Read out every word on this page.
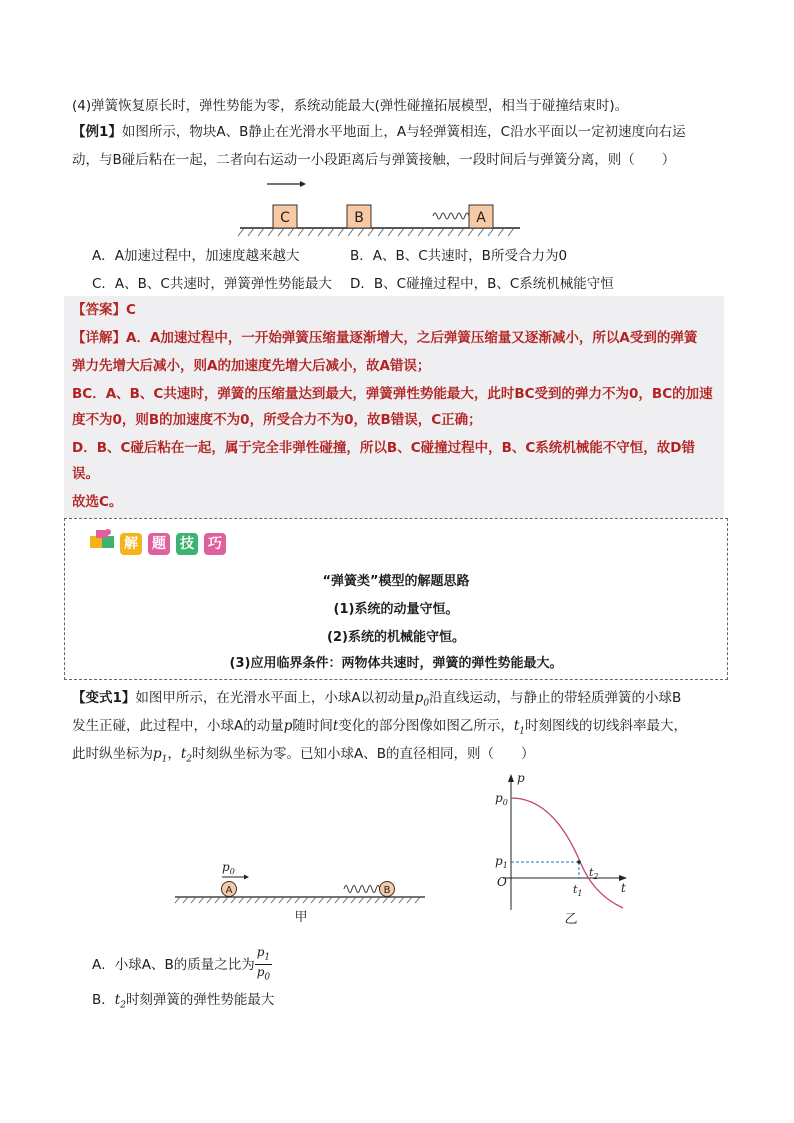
(4)弹簧恢复原长时，弹性势能为零，系统动能最大(弹性碰撞拓展模型，相当于碰撞结束时)。
【例1】如图所示，物块A、B静止在光滑水平地面上，A与轻弹簧相连，C沿水平面以一定初速度向右运
动，与B碰后粘在一起，二者向右运动一小段距离后与弹簧接触，一段时间后与弹簧分离，则（　　）
C	B	A
A．A加速过程中，加速度越来越大	B．A、B、C共速时，B所受合力为0
C．A、B、C共速时，弹簧弹性势能最大 D．B、C碰撞过程中，B、C系统机械能守恒
【答案】C
【详解】A．A加速过程中，一开始弹簧压缩量逐渐增大，之后弹簧压缩量又逐渐减小，所以A受到的弹簧
弹力先增大后减小，则A的加速度先增大后减小，故A错误；
BC．A、B、C共速时，弹簧的压缩量达到最大，弹簧弹性势能最大，此时BC受到的弹力不为0，BC的加速
度不为0，则B的加速度不为0，所受合力不为0，故B错误，C正确；
D．B、C碰后粘在一起，属于完全非弹性碰撞，所以B、C碰撞过程中，B、C系统机械能不守恒，故D错
误。
故选C。
解 题 技 巧
“弹簧类”模型的解题思路
(1)系统的动量守恒。
(2)系统的机械能守恒。
(3)应用临界条件：两物体共速时，弹簧的弹性势能最大。
【变式1】如图甲所示，在光滑水平面上，小球A以初动量$p_0$沿直线运动，与静止的带轻质弹簧的小球B
发生正碰，此过程中，小球A的动量p随时间t变化的部分图像如图乙所示，$t_1$时刻图线的切线斜率最大，
此时纵坐标为$p_1$，$t_2$时刻纵坐标为零。已知小球A、B的直径相同，则（　　）
$p_0$
A	B
甲
p
$p_0$
$p_1$
O	t
$t_1$
$t_2$
乙
A．小球A、B的质量之比为 $\frac{p_1}{p_0}$
B．$t_2$时刻弹簧的弹性势能最大
